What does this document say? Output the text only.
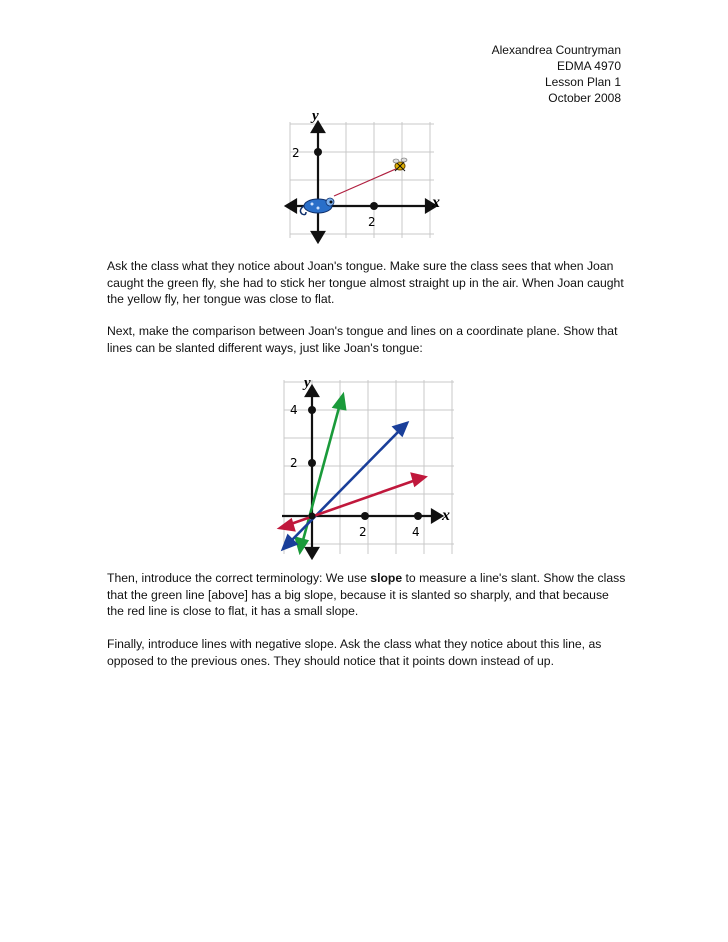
Alexandrea Countryman
EDMA 4970
Lesson Plan 1
October 2008
y
x
2
2

Ask the class what they notice about Joan's tongue. Make sure the class sees that when Joan caught the green fly, she had to stick her tongue almost straight up in the air. When Joan caught the yellow fly, her tongue was close to flat.

Next, make the comparison between Joan's tongue and lines on a coordinate plane. Show that lines can be slanted different ways, just like Joan's tongue:

y
x
4
2
2	4

Then, introduce the correct terminology: We use slope to measure a line's slant. Show the class that the green line [above] has a big slope, because it is slanted so sharply, and that because the red line is close to flat, it has a small slope.

Finally, introduce lines with negative slope. Ask the class what they notice about this line, as opposed to the previous ones. They should notice that it points down instead of up.
